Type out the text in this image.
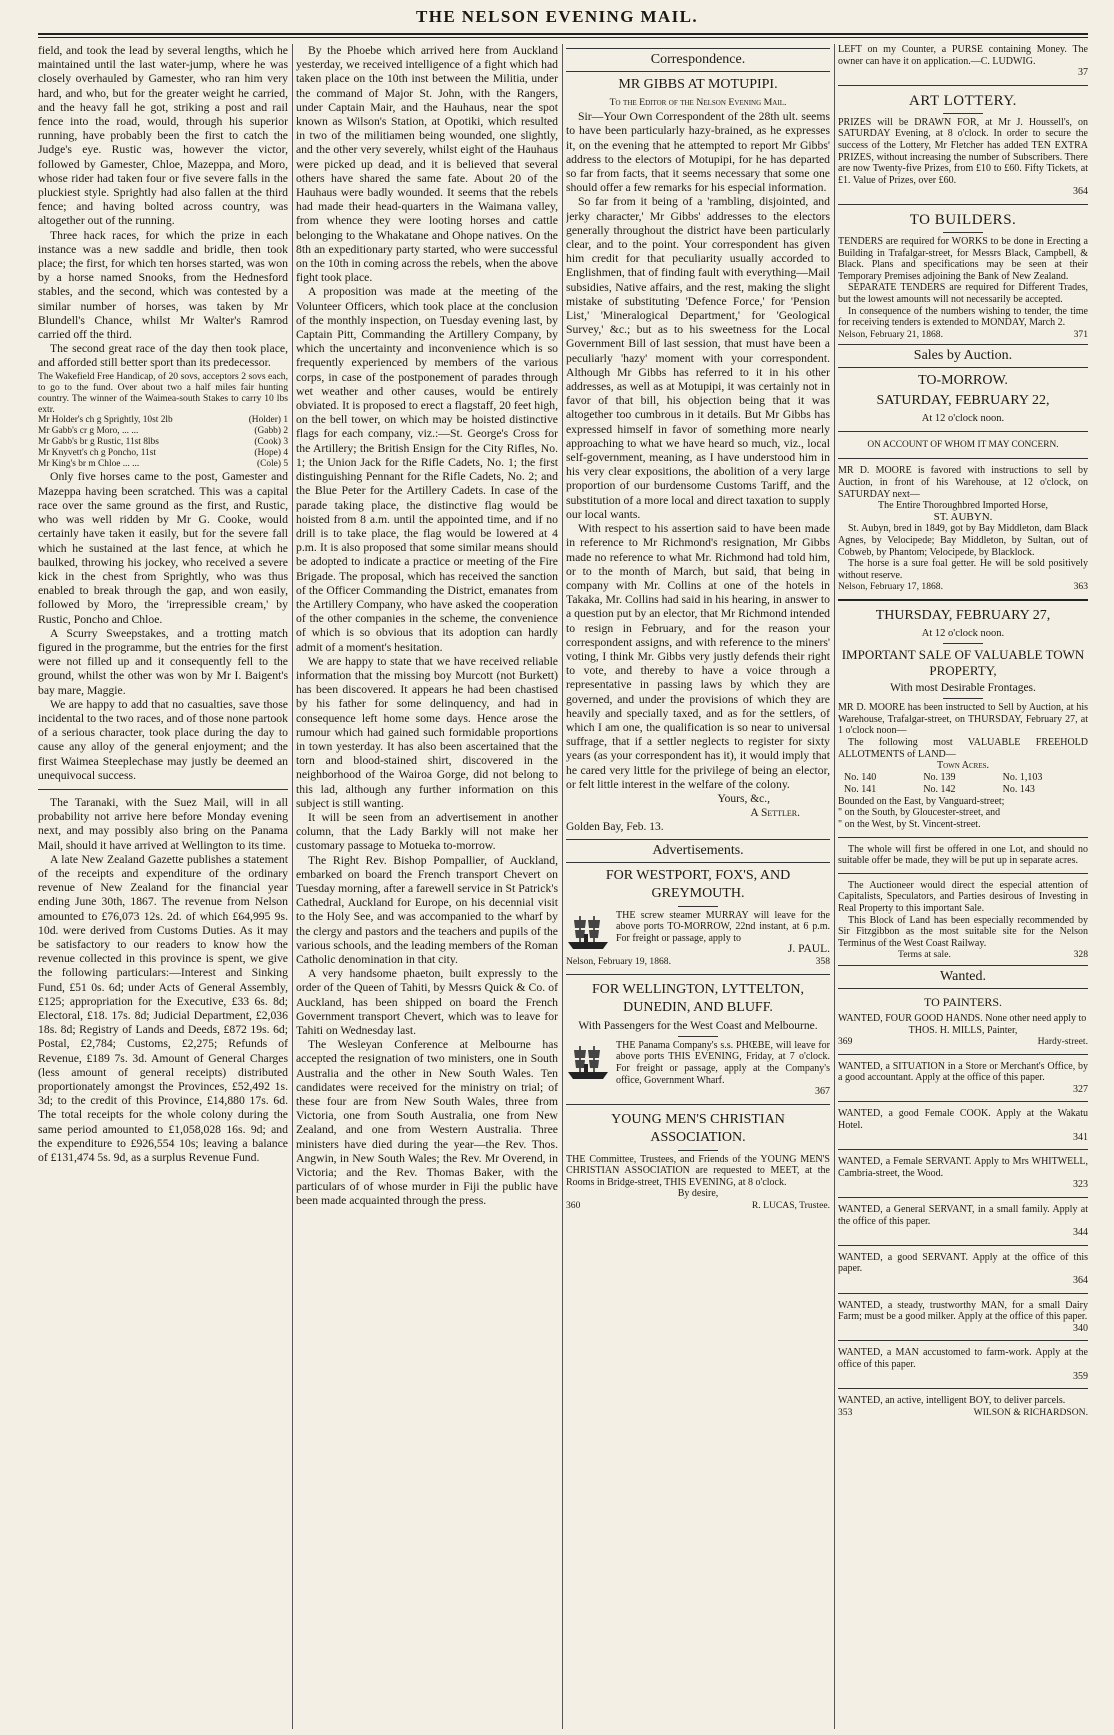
THE NELSON EVENING MAIL.

field, and took the lead by several lengths, which he maintained until the last water-jump, where he was closely overhauled by Gamester, who ran him very hard, and who, but for the greater weight he carried, and the heavy fall he got, striking a post and rail fence into the road, would, through his superior running, have probably been the first to catch the Judge's eye. Rustic was, however the victor, followed by Gamester, Chloe, Mazeppa, and Moro, whose rider had taken four or five severe falls in the pluckiest style. Sprightly had also fallen at the third fence; and having bolted across country, was altogether out of the running.

Three hack races, for which the prize in each instance was a new saddle and bridle, then took place; the first, for which ten horses started, was won by a horse named Snooks, from the Hednesford stables, and the second, which was contested by a similar number of horses, was taken by Mr Blundell's Chance, whilst Mr Walter's Ramrod carried off the third.

The second great race of the day then took place, and afforded still better sport than its predecessor.

The Wakefield Free Handicap, of 20 sovs, acceptors 2 sovs each, to go to the fund. Over about two a half miles fair hunting country. The winner of the Waimea-south Stakes to carry 10 lbs extr.

Mr Holder's ch g Sprightly, 10st 2lb	(Holder) 1
Mr Gabb's cr g Moro, ... ...	(Gabb) 2
Mr Gabb's br g Rustic, 11st 8lbs	(Cook) 3
Mr Knyvett's ch g Poncho, 11st	(Hope) 4
Mr King's br m Chloe ... ...	(Cole) 5

Only five horses came to the post, Gamester and Mazeppa having been scratched. This was a capital race over the same ground as the first, and Rustic, who was well ridden by Mr G. Cooke, would certainly have taken it easily, but for the severe fall which he sustained at the last fence, at which he baulked, throwing his jockey, who received a severe kick in the chest from Sprightly, who was thus enabled to break through the gap, and won easily, followed by Moro, the 'irrepressible cream,' by Rustic, Poncho and Chloe.

A Scurry Sweepstakes, and a trotting match figured in the programme, but the entries for the first were not filled up and it consequently fell to the ground, whilst the other was won by Mr I. Baigent's bay mare, Maggie.

We are happy to add that no casualties, save those incidental to the two races, and of those none partook of a serious character, took place during the day to cause any alloy of the general enjoyment; and the first Waimea Steeplechase may justly be deemed an unequivocal success.

The Taranaki, with the Suez Mail, will in all probability not arrive here before Monday evening next, and may possibly also bring on the Panama Mail, should it have arrived at Wellington to its time.

A late New Zealand Gazette publishes a statement of the receipts and expenditure of the ordinary revenue of New Zealand for the financial year ending June 30th, 1867. The revenue from Nelson amounted to £76,073 12s. 2d. of which £64,995 9s. 10d. were derived from Customs Duties. As it may be satisfactory to our readers to know how the revenue collected in this province is spent, we give the following particulars:—Interest and Sinking Fund, £51 0s. 6d; under Acts of General Assembly, £125; appropriation for the Executive, £33 6s. 8d; Electoral, £18. 17s. 8d; Judicial Department, £2,036 18s. 8d; Registry of Lands and Deeds, £872 19s. 6d; Postal, £2,784; Customs, £2,275; Refunds of Revenue, £189 7s. 3d. Amount of General Charges (less amount of general receipts) distributed proportionately amongst the Provinces, £52,492 1s. 3d; to the credit of this Province, £14,880 17s. 6d. The total receipts for the whole colony during the same period amounted to £1,058,028 16s. 9d; and the expenditure to £926,554 10s; leaving a balance of £131,474 5s. 9d, as a surplus Revenue Fund.

By the Phoebe which arrived here from Auckland yesterday, we received intelligence of a fight which had taken place on the 10th inst between the Militia, under the command of Major St. John, with the Rangers, under Captain Mair, and the Hauhaus, near the spot known as Wilson's Station, at Opotiki, which resulted in two of the militiamen being wounded, one slightly, and the other very severely, whilst eight of the Hauhaus were picked up dead, and it is believed that several others have shared the same fate. About 20 of the Hauhaus were badly wounded. It seems that the rebels had made their head-quarters in the Waimana valley, from whence they were looting horses and cattle belonging to the Whakatane and Ohope natives. On the 8th an expeditionary party started, who were successful on the 10th in coming across the rebels, when the above fight took place.

A proposition was made at the meeting of the Volunteer Officers, which took place at the conclusion of the monthly inspection, on Tuesday evening last, by Captain Pitt, Commanding the Artillery Company, by which the uncertainty and inconvenience which is so frequently experienced by members of the various corps, in case of the postponement of parades through wet weather and other causes, would be entirely obviated. It is proposed to erect a flagstaff, 20 feet high, on the bell tower, on which may be hoisted distinctive flags for each company, viz.:—St. George's Cross for the Artillery; the British Ensign for the City Rifles, No. 1; the Union Jack for the Rifle Cadets, No. 1; the first distinguishing Pennant for the Rifle Cadets, No. 2; and the Blue Peter for the Artillery Cadets. In case of the parade taking place, the distinctive flag would be hoisted from 8 a.m. until the appointed time, and if no drill is to take place, the flag would be lowered at 4 p.m. It is also proposed that some similar means should be adopted to indicate a practice or meeting of the Fire Brigade. The proposal, which has received the sanction of the Officer Commanding the District, emanates from the Artillery Company, who have asked the cooperation of the other companies in the scheme, the convenience of which is so obvious that its adoption can hardly admit of a moment's hesitation.

We are happy to state that we have received reliable information that the missing boy Murcott (not Burkett) has been discovered. It appears he had been chastised by his father for some delinquency, and had in consequence left home some days. Hence arose the rumour which had gained such formidable proportions in town yesterday. It has also been ascertained that the torn and blood-stained shirt, discovered in the neighborhood of the Wairoa Gorge, did not belong to this lad, although any further information on this subject is still wanting.

It will be seen from an advertisement in another column, that the Lady Barkly will not make her customary passage to Motueka to-morrow.

The Right Rev. Bishop Pompallier, of Auckland, embarked on board the French transport Chevert on Tuesday morning, after a farewell service in St Patrick's Cathedral, Auckland for Europe, on his decennial visit to the Holy See, and was accompanied to the wharf by the clergy and pastors and the teachers and pupils of the various schools, and the leading members of the Roman Catholic denomination in that city.

A very handsome phaeton, built expressly to the order of the Queen of Tahiti, by Messrs Quick & Co. of Auckland, has been shipped on board the French Government transport Chevert, which was to leave for Tahiti on Wednesday last.

The Wesleyan Conference at Melbourne has accepted the resignation of two ministers, one in South Australia and the other in New South Wales. Ten candidates were received for the ministry on trial; of these four are from New South Wales, three from Victoria, one from South Australia, one from New Zealand, and one from Western Australia. Three ministers have died during the year—the Rev. Thos. Angwin, in New South Wales; the Rev. Mr Overend, in Victoria; and the Rev. Thomas Baker, with the particulars of of whose murder in Fiji the public have been made acquainted through the press.

Correspondence.
MR GIBBS AT MOTUPIPI.
To the Editor of the Nelson Evening Mail.

Sir—Your Own Correspondent of the 28th ult. seems to have been particularly hazy-brained, as he expresses it, on the evening that he attempted to report Mr Gibbs' address to the electors of Motupipi, for he has departed so far from facts, that it seems necessary that some one should offer a few remarks for his especial information.

So far from it being of a 'rambling, disjointed, and jerky character,' Mr Gibbs' addresses to the electors generally throughout the district have been particularly clear, and to the point. Your correspondent has given him credit for that peculiarity usually accorded to Englishmen, that of finding fault with everything—Mail subsidies, Native affairs, and the rest, making the slight mistake of substituting 'Defence Force,' for 'Pension List,' 'Mineralogical Department,' for 'Geological Survey,' &c.; but as to his sweetness for the Local Government Bill of last session, that must have been a peculiarly 'hazy' moment with your correspondent. Although Mr Gibbs has referred to it in his other addresses, as well as at Motupipi, it was certainly not in favor of that bill, his objection being that it was altogether too cumbrous in it details. But Mr Gibbs has expressed himself in favor of something more nearly approaching to what we have heard so much, viz., local self-government, meaning, as I have understood him in his very clear expositions, the abolition of a very large proportion of our burdensome Customs Tariff, and the substitution of a more local and direct taxation to supply our local wants.

With respect to his assertion said to have been made in reference to Mr Richmond's resignation, Mr Gibbs made no reference to what Mr. Richmond had told him, or to the month of March, but said, that being in company with Mr. Collins at one of the hotels in Takaka, Mr. Collins had said in his hearing, in answer to a question put by an elector, that Mr Richmond intended to resign in February, and for the reason your correspondent assigns, and with reference to the miners' voting, I think Mr. Gibbs very justly defends their right to vote, and thereby to have a voice through a representative in passing laws by which they are governed, and under the provisions of which they are heavily and specially taxed, and as for the settlers, of which I am one, the qualification is so near to universal suffrage, that if a settler neglects to register for sixty years (as your correspondent has it), it would imply that he cared very little for the privilege of being an elector, or felt little interest in the welfare of the colony.

Yours, &c.,
A Settler.
Golden Bay, Feb. 13.
Advertisements.
FOR WESTPORT, FOX'S, AND GREYMOUTH.

THE screw steamer MURRAY will leave for the above ports TO-MORROW, 22nd instant, at 6 p.m. For freight or passage, apply to

J. PAUL.
Nelson, February 19, 1868.	358
FOR WELLINGTON, LYTTELTON, DUNEDIN, AND BLUFF.
With Passengers for the West Coast and Melbourne.

THE Panama Company's s.s. PHŒBE, will leave for above ports THIS EVENING, Friday, at 7 o'clock. For freight or passage, apply at the Company's office, Government Wharf.

367
YOUNG MEN'S CHRISTIAN ASSOCIATION.

THE Committee, Trustees, and Friends of the YOUNG MEN'S CHRISTIAN ASSOCIATION are requested to MEET, at the Rooms in Bridge-street, THIS EVENING, at 8 o'clock.

By desire,
360	R. LUCAS, Trustee.

LEFT on my Counter, a PURSE containing Money. The owner can have it on application.—C. LUDWIG.

37
ART LOTTERY.

PRIZES will be DRAWN FOR, at Mr J. Houssell's, on SATURDAY Evening, at 8 o'clock. In order to secure the success of the Lottery, Mr Fletcher has added TEN EXTRA PRIZES, without increasing the number of Subscribers. There are now Twenty-five Prizes, from £10 to £60. Fifty Tickets, at £1. Value of Prizes, over £60.

364
TO BUILDERS.

TENDERS are required for WORKS to be done in Erecting a Building in Trafalgar-street, for Messrs Black, Campbell, & Black. Plans and specifications may be seen at their Temporary Premises adjoining the Bank of New Zealand.

SEPARATE TENDERS are required for Different Trades, but the lowest amounts will not necessarily be accepted.

In consequence of the numbers wishing to tender, the time for receiving tenders is extended to MONDAY, March 2.

Nelson, February 21, 1868.	371
Sales by Auction.
TO-MORROW.
SATURDAY, FEBRUARY 22,
At 12 o'clock noon.
ON ACCOUNT OF WHOM IT MAY CONCERN.

MR D. MOORE is favored with instructions to sell by Auction, in front of his Warehouse, at 12 o'clock, on SATURDAY next—

The Entire Thoroughbred Imported Horse,
ST. AUBYN.

St. Aubyn, bred in 1849, got by Bay Middleton, dam Black Agnes, by Velocipede; Bay Middleton, by Sultan, out of Cobweb, by Phantom; Velocipede, by Blacklock.

The horse is a sure foal getter. He will be sold positively without reserve.

Nelson, February 17, 1868.	363
THURSDAY, FEBRUARY 27,
At 12 o'clock noon.
IMPORTANT SALE OF VALUABLE TOWN PROPERTY,
With most Desirable Frontages.

MR D. MOORE has been instructed to Sell by Auction, at his Warehouse, Trafalgar-street, on THURSDAY, February 27, at 1 o'clock noon—

The following most VALUABLE FREEHOLD ALLOTMENTS of LAND—

Town Acres.
No. 140	No. 139	No. 1,103
No. 141	No. 142	No. 143
Bounded on the East, by Vanguard-street;
" on the South, by Gloucester-street, and
" on the West, by St. Vincent-street.

The whole will first be offered in one Lot, and should no suitable offer be made, they will be put up in separate acres.

The Auctioneer would direct the especial attention of Capitalists, Speculators, and Parties desirous of Investing in Real Property to this important Sale.

This Block of Land has been especially recommended by Sir Fitzgibbon as the most suitable site for the Nelson Terminus of the West Coast Railway.

Terms at sale.	328
Wanted.
TO PAINTERS.

WANTED, FOUR GOOD HANDS. None other need apply to

THOS. H. MILLS, Painter,
369	Hardy-street.

WANTED, a SITUATION in a Store or Merchant's Office, by a good accountant. Apply at the office of this paper.

327

WANTED, a good Female COOK. Apply at the Wakatu Hotel.

341

WANTED, a Female SERVANT. Apply to Mrs WHITWELL, Cambria-street, the Wood.

323

WANTED, a General SERVANT, in a small family. Apply at the office of this paper.

344

WANTED, a good SERVANT. Apply at the office of this paper.

364

WANTED, a steady, trustworthy MAN, for a small Dairy Farm; must be a good milker. Apply at the office of this paper.

340

WANTED, a MAN accustomed to farm-work. Apply at the office of this paper.

359

WANTED, an active, intelligent BOY, to deliver parcels.

353	WILSON & RICHARDSON.
